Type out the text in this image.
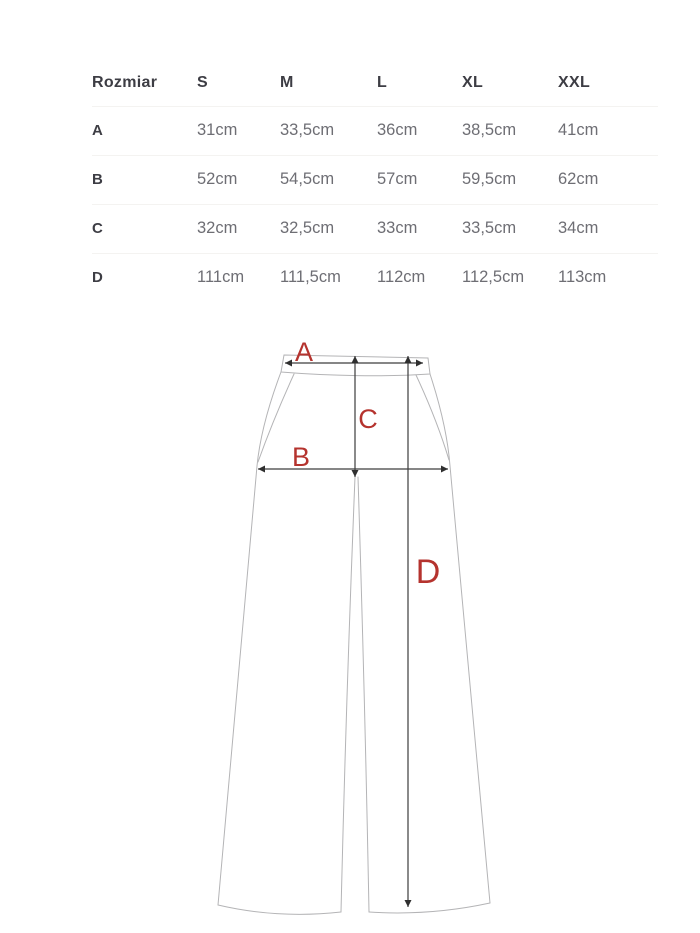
Rozmiar	S	M	L	XL	XXL
A	31cm	33,5cm	36cm	38,5cm	41cm
B	52cm	54,5cm	57cm	59,5cm	62cm
C	32cm	32,5cm	33cm	33,5cm	34cm
D	111cm	111,5cm	112cm	112,5cm	113cm
A
B
C
D
